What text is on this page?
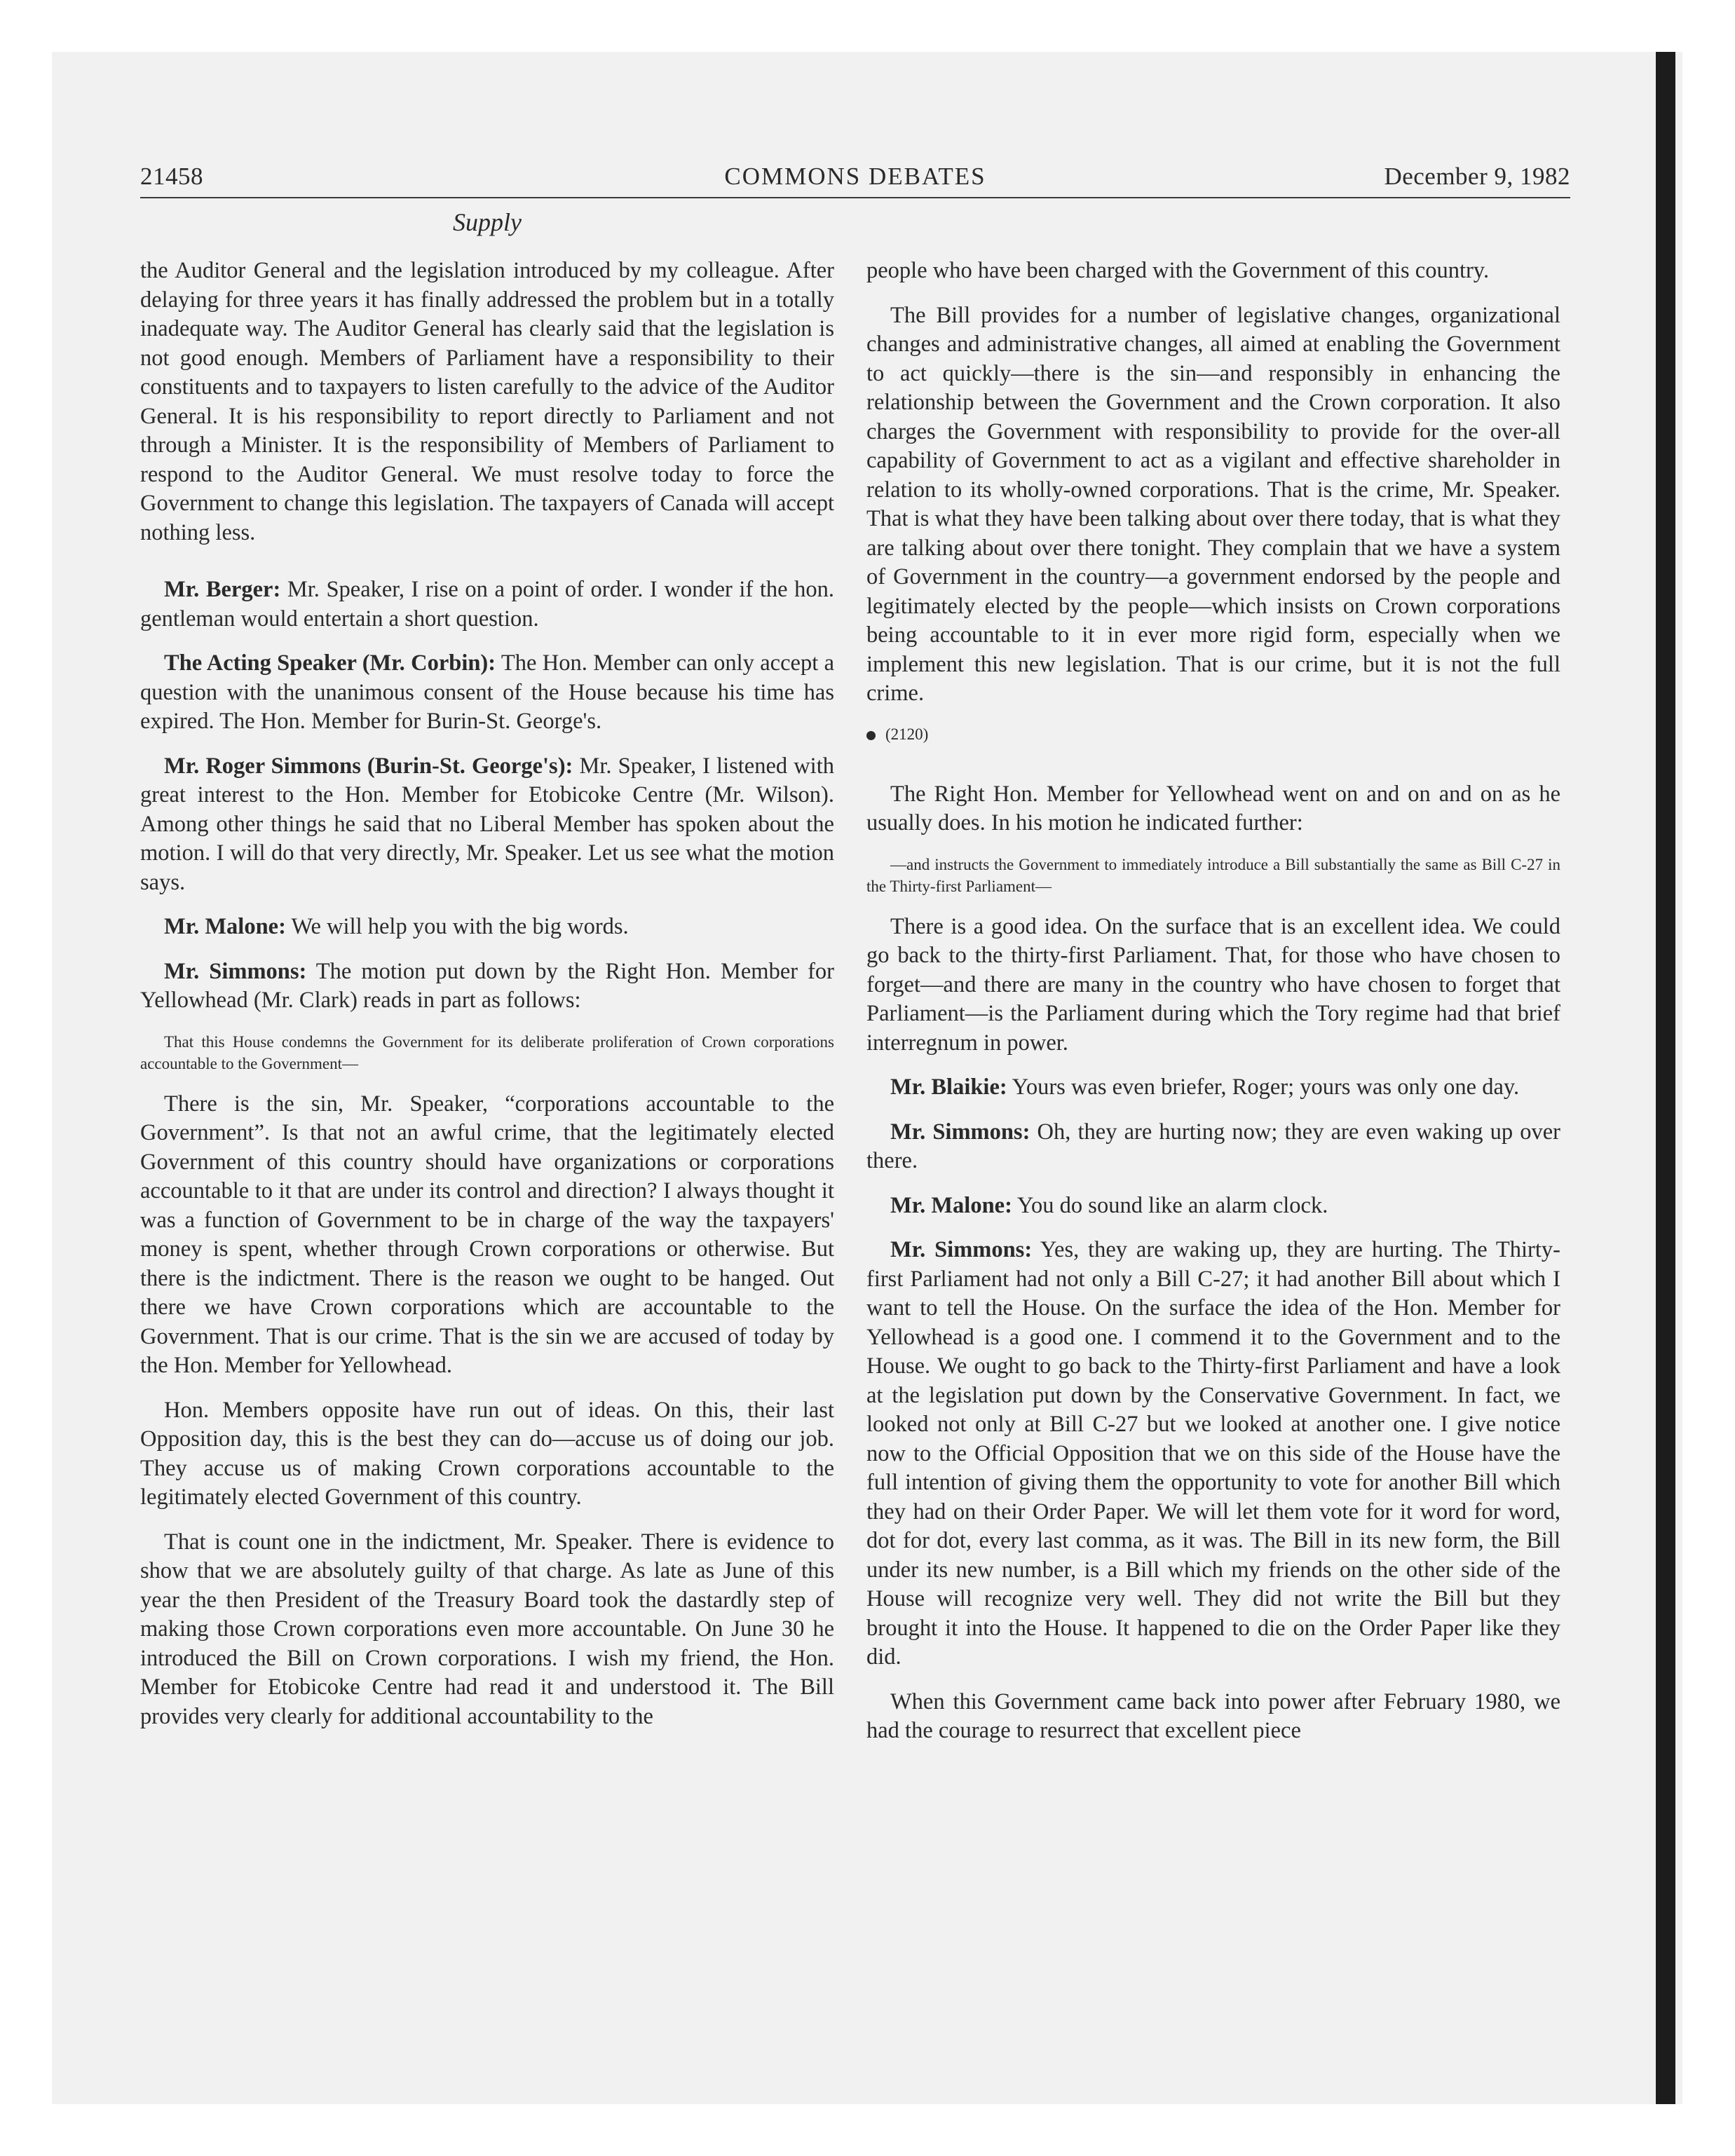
21458	COMMONS DEBATES	December 9, 1982
Supply

the Auditor General and the legislation introduced by my colleague. After delaying for three years it has finally addressed the problem but in a totally inadequate way. The Auditor General has clearly said that the legislation is not good enough. Members of Parliament have a responsibility to their constituents and to taxpayers to listen carefully to the advice of the Auditor General. It is his responsibility to report directly to Parliament and not through a Minister. It is the responsibility of Members of Parliament to respond to the Auditor General. We must resolve today to force the Government to change this legislation. The taxpayers of Canada will accept nothing less.

Mr. Berger: Mr. Speaker, I rise on a point of order. I wonder if the hon. gentleman would entertain a short question.

The Acting Speaker (Mr. Corbin): The Hon. Member can only accept a question with the unanimous consent of the House because his time has expired. The Hon. Member for Burin-St. George's.

Mr. Roger Simmons (Burin-St. George's): Mr. Speaker, I listened with great interest to the Hon. Member for Etobicoke Centre (Mr. Wilson). Among other things he said that no Liberal Member has spoken about the motion. I will do that very directly, Mr. Speaker. Let us see what the motion says.

Mr. Malone: We will help you with the big words.

Mr. Simmons: The motion put down by the Right Hon. Member for Yellowhead (Mr. Clark) reads in part as follows:

That this House condemns the Government for its deliberate proliferation of Crown corporations accountable to the Government—

There is the sin, Mr. Speaker, “corporations accountable to the Government”. Is that not an awful crime, that the legitimately elected Government of this country should have organizations or corporations accountable to it that are under its control and direction? I always thought it was a function of Government to be in charge of the way the taxpayers' money is spent, whether through Crown corporations or otherwise. But there is the indictment. There is the reason we ought to be hanged. Out there we have Crown corporations which are accountable to the Government. That is our crime. That is the sin we are accused of today by the Hon. Member for Yellowhead.

Hon. Members opposite have run out of ideas. On this, their last Opposition day, this is the best they can do—accuse us of doing our job. They accuse us of making Crown corporations accountable to the legitimately elected Government of this country.

That is count one in the indictment, Mr. Speaker. There is evidence to show that we are absolutely guilty of that charge. As late as June of this year the then President of the Treasury Board took the dastardly step of making those Crown corporations even more accountable. On June 30 he introduced the Bill on Crown corporations. I wish my friend, the Hon. Member for Etobicoke Centre had read it and understood it. The Bill provides very clearly for additional accountability to the

people who have been charged with the Government of this country.

The Bill provides for a number of legislative changes, organizational changes and administrative changes, all aimed at enabling the Government to act quickly—there is the sin—and responsibly in enhancing the relationship between the Government and the Crown corporation. It also charges the Government with responsibility to provide for the over-all capability of Government to act as a vigilant and effective shareholder in relation to its wholly-owned corporations. That is the crime, Mr. Speaker. That is what they have been talking about over there today, that is what they are talking about over there tonight. They complain that we have a system of Government in the country—a government endorsed by the people and legitimately elected by the people—which insists on Crown corporations being accountable to it in ever more rigid form, especially when we implement this new legislation. That is our crime, but it is not the full crime.

(2120)

The Right Hon. Member for Yellowhead went on and on and on as he usually does. In his motion he indicated further:

—and instructs the Government to immediately introduce a Bill substantially the same as Bill C-27 in the Thirty-first Parliament—

There is a good idea. On the surface that is an excellent idea. We could go back to the thirty-first Parliament. That, for those who have chosen to forget—and there are many in the country who have chosen to forget that Parliament—is the Parliament during which the Tory regime had that brief interregnum in power.

Mr. Blaikie: Yours was even briefer, Roger; yours was only one day.

Mr. Simmons: Oh, they are hurting now; they are even waking up over there.

Mr. Malone: You do sound like an alarm clock.

Mr. Simmons: Yes, they are waking up, they are hurting. The Thirty-first Parliament had not only a Bill C-27; it had another Bill about which I want to tell the House. On the surface the idea of the Hon. Member for Yellowhead is a good one. I commend it to the Government and to the House. We ought to go back to the Thirty-first Parliament and have a look at the legislation put down by the Conservative Government. In fact, we looked not only at Bill C-27 but we looked at another one. I give notice now to the Official Opposition that we on this side of the House have the full intention of giving them the opportunity to vote for another Bill which they had on their Order Paper. We will let them vote for it word for word, dot for dot, every last comma, as it was. The Bill in its new form, the Bill under its new number, is a Bill which my friends on the other side of the House will recognize very well. They did not write the Bill but they brought it into the House. It happened to die on the Order Paper like they did.

When this Government came back into power after February 1980, we had the courage to resurrect that excellent piece
